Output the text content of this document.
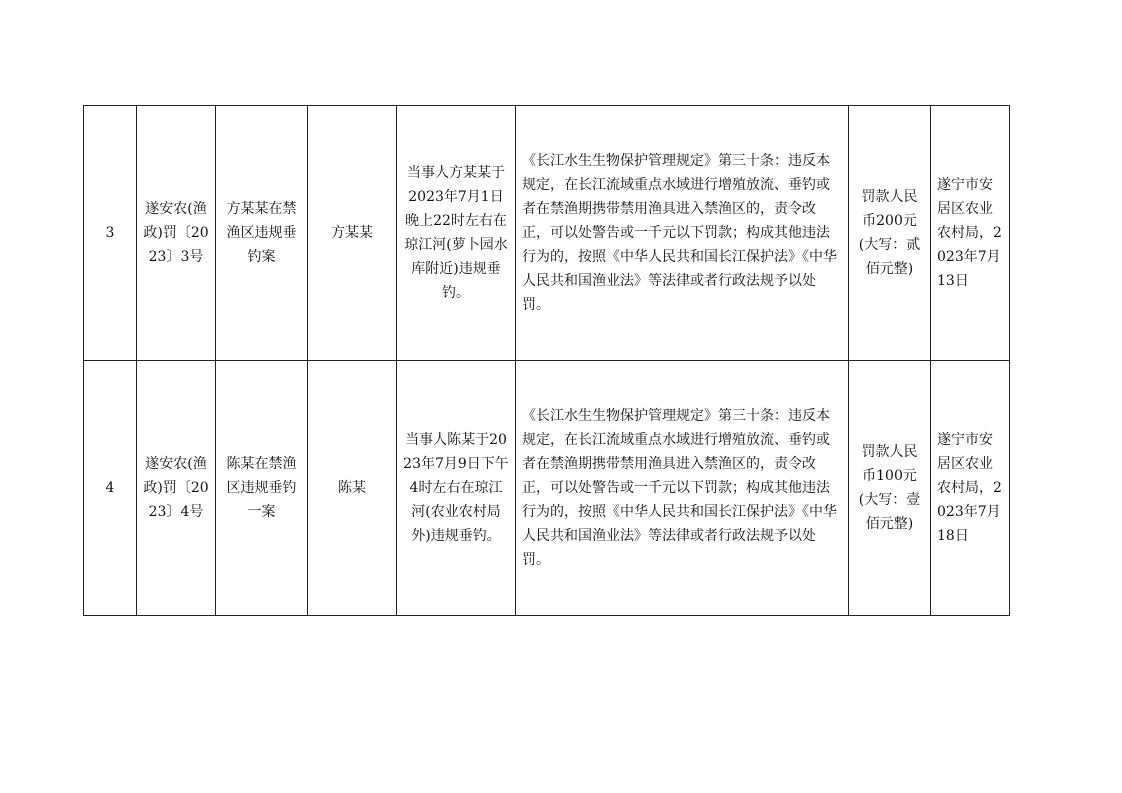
3	遂安农(渔政)罚〔2023〕3号	方某某在禁渔区违规垂钓案	方某某	当事人方某某于2023年7月1日晚上22时左右在琼江河(萝卜园水库附近)违规垂钓。	《长江水生生物保护管理规定》第三十条：违反本规定，在长江流域重点水域进行增殖放流、垂钓或者在禁渔期携带禁用渔具进入禁渔区的，责令改正，可以处警告或一千元以下罚款；构成其他违法行为的，按照《中华人民共和国长江保护法》《中华人民共和国渔业法》等法律或者行政法规予以处罚。	罚款人民币200元(大写：贰佰元整)	遂宁市安居区农业农村局，2023年7月13日
4	遂安农(渔政)罚〔2023〕4号	陈某在禁渔区违规垂钓一案	陈某	当事人陈某于2023年7月9日下午4时左右在琼江河(农业农村局外)违规垂钓。	《长江水生生物保护管理规定》第三十条：违反本规定，在长江流域重点水域进行增殖放流、垂钓或者在禁渔期携带禁用渔具进入禁渔区的，责令改正，可以处警告或一千元以下罚款；构成其他违法行为的，按照《中华人民共和国长江保护法》《中华人民共和国渔业法》等法律或者行政法规予以处罚。	罚款人民币100元(大写：壹佰元整)	遂宁市安居区农业农村局，2023年7月18日
